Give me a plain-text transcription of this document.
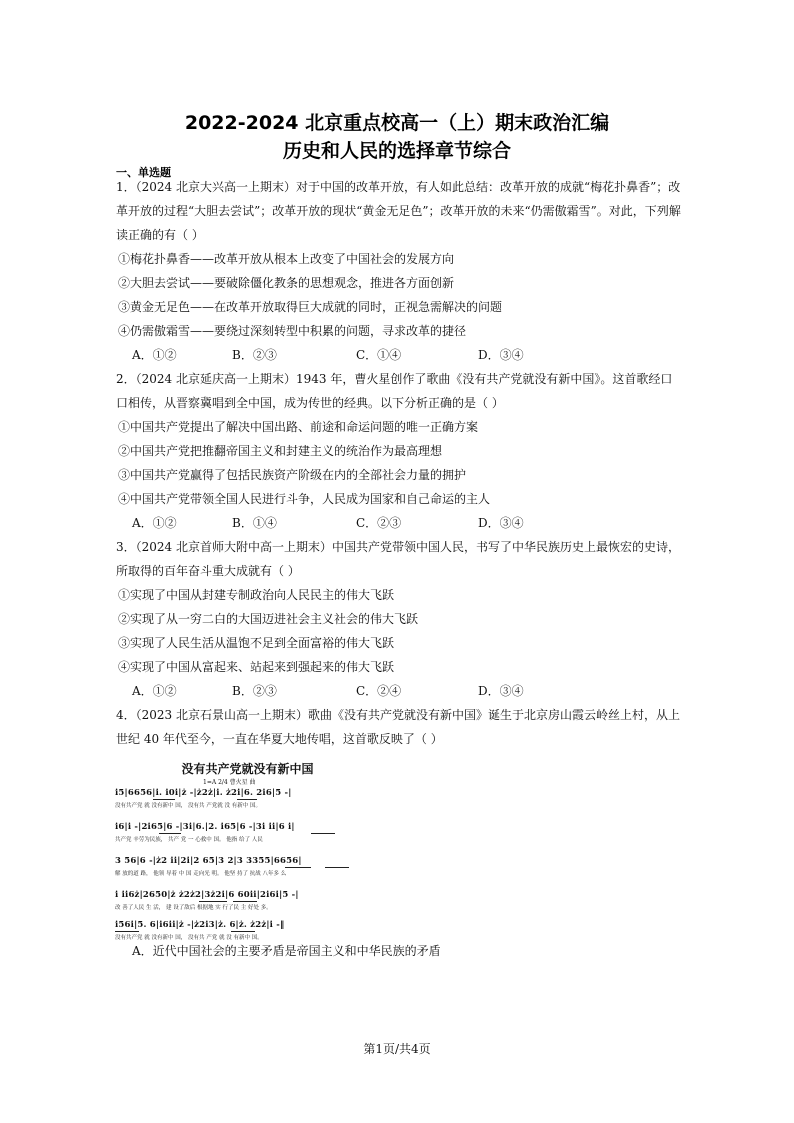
2022-2024 北京重点校高一（上）期末政治汇编
历史和人民的选择章节综合
一、单选题
1．（2024 北京大兴高一上期末）对于中国的改革开放，有人如此总结：改革开放的成就“梅花扑鼻香”；改
革开放的过程“大胆去尝试”；改革开放的现状“黄金无足色”；改革开放的未来“仍需傲霜雪”。对此，下列解
读正确的有（ ）
①梅花扑鼻香——改革开放从根本上改变了中国社会的发展方向
②大胆去尝试——要破除僵化教条的思想观念，推进各方面创新
③黄金无足色——在改革开放取得巨大成就的同时，正视急需解决的问题
④仍需傲霜雪——要绕过深刻转型中积累的问题，寻求改革的捷径
A．①②	B．②③	C．①④	D．③④
2．（2024 北京延庆高一上期末）1943 年，曹火星创作了歌曲《没有共产党就没有新中国》。这首歌经口
口相传，从晋察冀唱到全中国，成为传世的经典。以下分析正确的是（ ）
①中国共产党提出了解决中国出路、前途和命运问题的唯一正确方案
②中国共产党把推翻帝国主义和封建主义的统治作为最高理想
③中国共产党赢得了包括民族资产阶级在内的全部社会力量的拥护
④中国共产党带领全国人民进行斗争，人民成为国家和自己命运的主人
A．①②	B．①④	C．②③	D．③④
3．（2024 北京首师大附中高一上期末）中国共产党带领中国人民，书写了中华民族历史上最恢宏的史诗，
所取得的百年奋斗重大成就有（ ）
①实现了中国从封建专制政治向人民民主的伟大飞跃
②实现了从一穷二白的大国迈进社会主义社会的伟大飞跃
③实现了人民生活从温饱不足到全面富裕的伟大飞跃
④实现了中国从富起来、站起来到强起来的伟大飞跃
A．①②	B．②③	C．②④	D．③④
4．（2023 北京石景山高一上期末）歌曲《没有共产党就没有新中国》诞生于北京房山霞云岭丝上村，从上
世纪 40 年代至今，一直在华夏大地传唱，这首歌反映了（ ）
没有共产党就没有新中国
1=A 2/4 曹火星 曲
i5|6656|i. i0i|ż -|ż2ż|i. ż2i|6. 2i6|5 -|
没有共产党 就 没有新中 国， 没有共 产党就 没 有新中 国。
i6|i -|2i65|6 -|3i|6.|2. i65|6 -|3i ii|6 i|
共产党 辛劳为民族， 共产 党 一 心救中 国。 他指 给了 人民
3 56|6 -|ż2 ii|2i|2 65|3 2|3 3355|6656|
解 放的道 路， 他领 导着 中 国 走向光 明。 他坚 持了 抗战 八年多 么
i ii6ż|2650|ż ż2ż2|3ż2i|6 60ii|2i6i|5 -|
改 善了人民 生 活， 建 设了敌后 根据地 实 行了民 主 好处 多。
i56i|5. 6|i6ii|ż -|ż2i3|ż. 6|ż. ż2ż|i -‖
没有共产党 就 没有新中 国， 没有共 产党 就 没 有新中 国。
A．近代中国社会的主要矛盾是帝国主义和中华民族的矛盾
第1页/共4页
